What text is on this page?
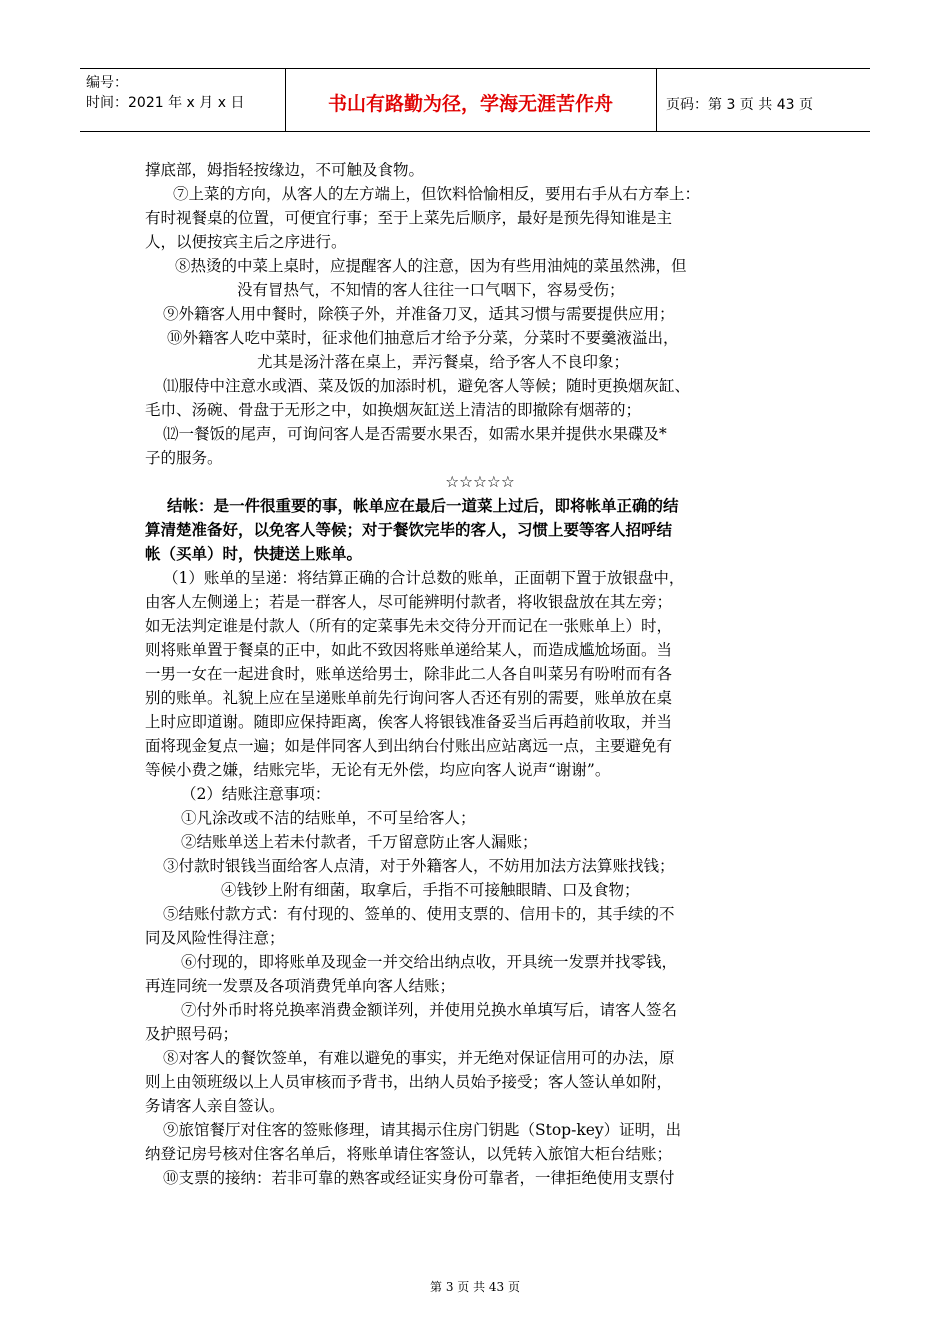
编号：
时间：2021 年 x 月 x 日	书山有路勤为径，学海无涯苦作舟	页码：第 3 页 共 43 页
撑底部，姆指轻按缘边，不可触及食物。
⑦上菜的方向，从客人的左方端上，但饮料恰愉相反，要用右手从右方奉上：
有时视餐桌的位置，可便宜行事；至于上菜先后顺序，最好是预先得知谁是主
人，以便按宾主后之序进行。
⑧热烫的中菜上桌时，应提醒客人的注意，因为有些用油炖的菜虽然沸，但
没有冒热气，不知情的客人往往一口气咽下，容易受伤；
⑨外籍客人用中餐时，除筷子外，并准备刀叉，适其习惯与需要提供应用；
⑩外籍客人吃中菜时，征求他们抽意后才给予分菜，分菜时不要羹液溢出，
尤其是汤汁落在桌上，弄污餐桌，给予客人不良印象；
⑾服侍中注意水或酒、菜及饭的加添时机，避免客人等候；随时更换烟灰缸、
毛巾、汤碗、骨盘于无形之中，如换烟灰缸送上清洁的即撤除有烟蒂的；
⑿一餐饭的尾声，可询问客人是否需要水果否，如需水果并提供水果碟及*
子的服务。
☆☆☆☆☆
结帐：是一件很重要的事，帐单应在最后一道菜上过后，即将帐单正确的结
算清楚准备好，以免客人等候；对于餐饮完毕的客人，习惯上要等客人招呼结
帐（买单）时，快捷送上账单。
（1）账单的呈递：将结算正确的合计总数的账单，正面朝下置于放银盘中，
由客人左侧递上；若是一群客人，尽可能辨明付款者，将收银盘放在其左旁；
如无法判定谁是付款人（所有的定菜事先未交待分开而记在一张账单上）时，
则将账单置于餐桌的正中，如此不致因将账单递给某人，而造成尴尬场面。当
一男一女在一起进食时，账单送给男士，除非此二人各自叫菜另有吩咐而有各
别的账单。礼貌上应在呈递账单前先行询问客人否还有别的需要，账单放在桌
上时应即道谢。随即应保持距离，俟客人将银钱准备妥当后再趋前收取，并当
面将现金复点一遍；如是伴同客人到出纳台付账出应站离远一点，主要避免有
等候小费之嫌，结账完毕，无论有无外偿，均应向客人说声“谢谢”。
（2）结账注意事项：
①凡涂改或不洁的结账单，不可呈给客人；
②结账单送上若未付款者，千万留意防止客人漏账；
③付款时银钱当面给客人点清，对于外籍客人，不妨用加法方法算账找钱；
④钱钞上附有细菌，取拿后，手指不可接触眼睛、口及食物；
⑤结账付款方式：有付现的、签单的、使用支票的、信用卡的，其手续的不
同及风险性得注意；
⑥付现的，即将账单及现金一并交给出纳点收，开具统一发票并找零钱，
再连同统一发票及各项消费凭单向客人结账；
⑦付外币时将兑换率消费金额详列，并使用兑换水单填写后，请客人签名
及护照号码；
⑧对客人的餐饮签单，有难以避免的事实，并无绝对保证信用可的办法，原
则上由领班级以上人员审核而予背书，出纳人员始予接受；客人签认单如附，
务请客人亲自签认。
⑨旅馆餐厅对住客的签账修理，请其揭示住房门钥匙（Stop-key）证明，出
纳登记房号核对住客名单后，将账单请住客签认，以凭转入旅馆大柜台结账；
⑩支票的接纳：若非可靠的熟客或经证实身份可靠者，一律拒绝使用支票付
第 3 页 共 43 页
